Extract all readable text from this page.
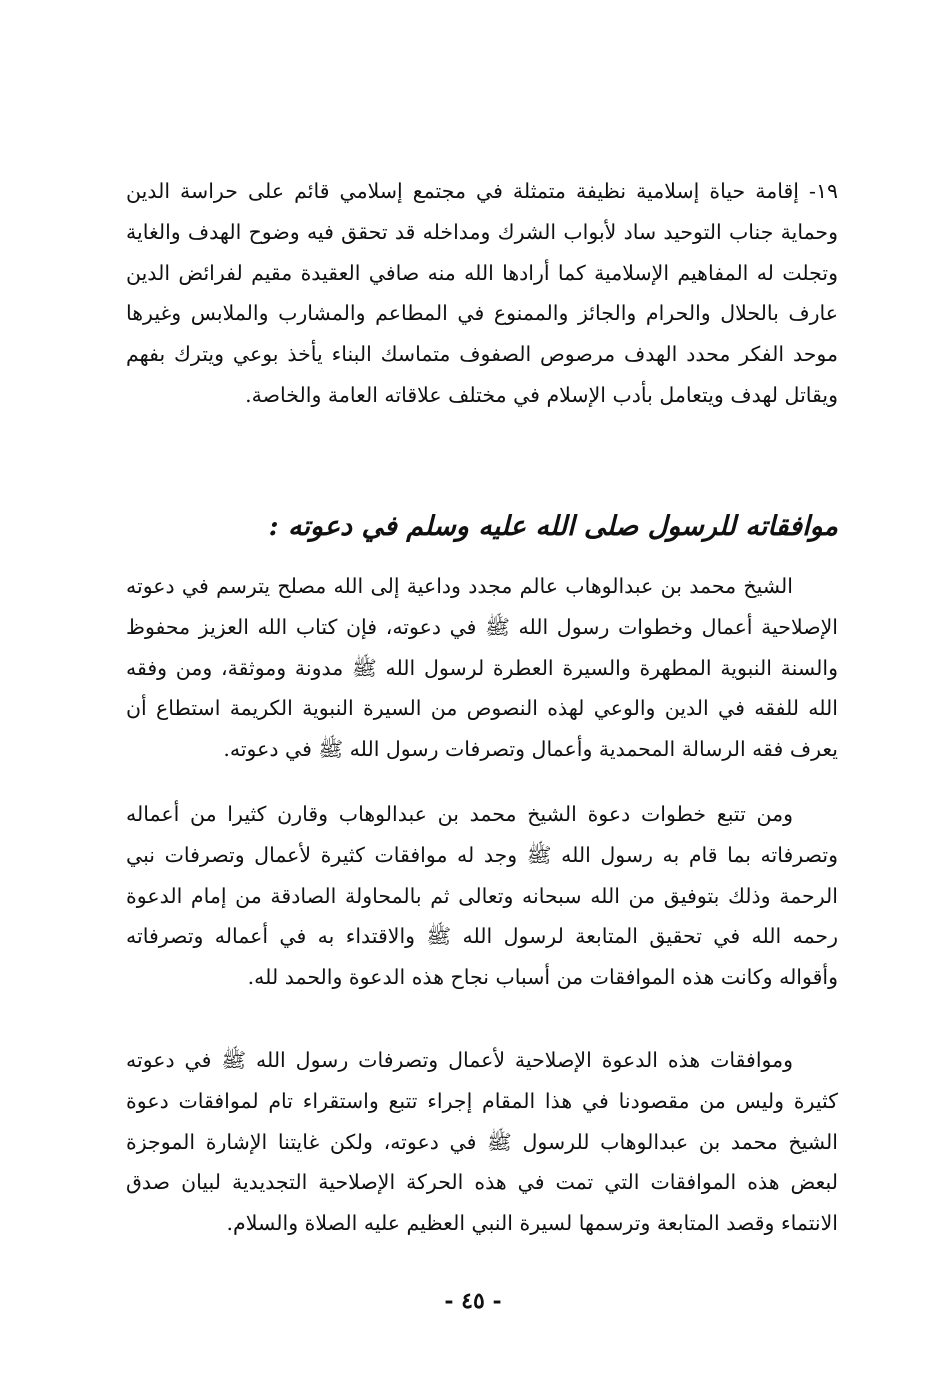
١٩- إقامة حياة إسلامية نظيفة متمثلة في مجتمع إسلامي قائم على حراسة الدين وحماية جناب التوحيد ساد لأبواب الشرك ومداخله قد تحقق فيه وضوح الهدف والغاية وتجلت له المفاهيم الإسلامية كما أرادها الله منه صافي العقيدة مقيم لفرائض الدين عارف بالحلال والحرام والجائز والممنوع في المطاعم والمشارب والملابس وغيرها موحد الفكر محدد الهدف مرصوص الصفوف متماسك البناء يأخذ بوعي ويترك بفهم ويقاتل لهدف ويتعامل بأدب الإسلام في مختلف علاقاته العامة والخاصة.

موافقاته للرسول صلى الله عليه وسلم في دعوته :

الشيخ محمد بن عبدالوهاب عالم مجدد وداعية إلى الله مصلح يترسم في دعوته الإصلاحية أعمال وخطوات رسول الله ﷺ في دعوته، فإن كتاب الله العزيز محفوظ والسنة النبوية المطهرة والسيرة العطرة لرسول الله ﷺ مدونة وموثقة، ومن وفقه الله للفقه في الدين والوعي لهذه النصوص من السيرة النبوية الكريمة استطاع أن يعرف فقه الرسالة المحمدية وأعمال وتصرفات رسول الله ﷺ في دعوته.

ومن تتبع خطوات دعوة الشيخ محمد بن عبدالوهاب وقارن كثيرا من أعماله وتصرفاته بما قام به رسول الله ﷺ وجد له موافقات كثيرة لأعمال وتصرفات نبي الرحمة وذلك بتوفيق من الله سبحانه وتعالى ثم بالمحاولة الصادقة من إمام الدعوة رحمه الله في تحقيق المتابعة لرسول الله ﷺ والاقتداء به في أعماله وتصرفاته وأقواله وكانت هذه الموافقات من أسباب نجاح هذه الدعوة والحمد لله.

وموافقات هذه الدعوة الإصلاحية لأعمال وتصرفات رسول الله ﷺ في دعوته كثيرة وليس من مقصودنا في هذا المقام إجراء تتبع واستقراء تام لموافقات دعوة الشيخ محمد بن عبدالوهاب للرسول ﷺ في دعوته، ولكن غايتنا الإشارة الموجزة لبعض هذه الموافقات التي تمت في هذه الحركة الإصلاحية التجديدية لبيان صدق الانتماء وقصد المتابعة وترسمها لسيرة النبي العظيم عليه الصلاة والسلام.

- ٤٥ -
